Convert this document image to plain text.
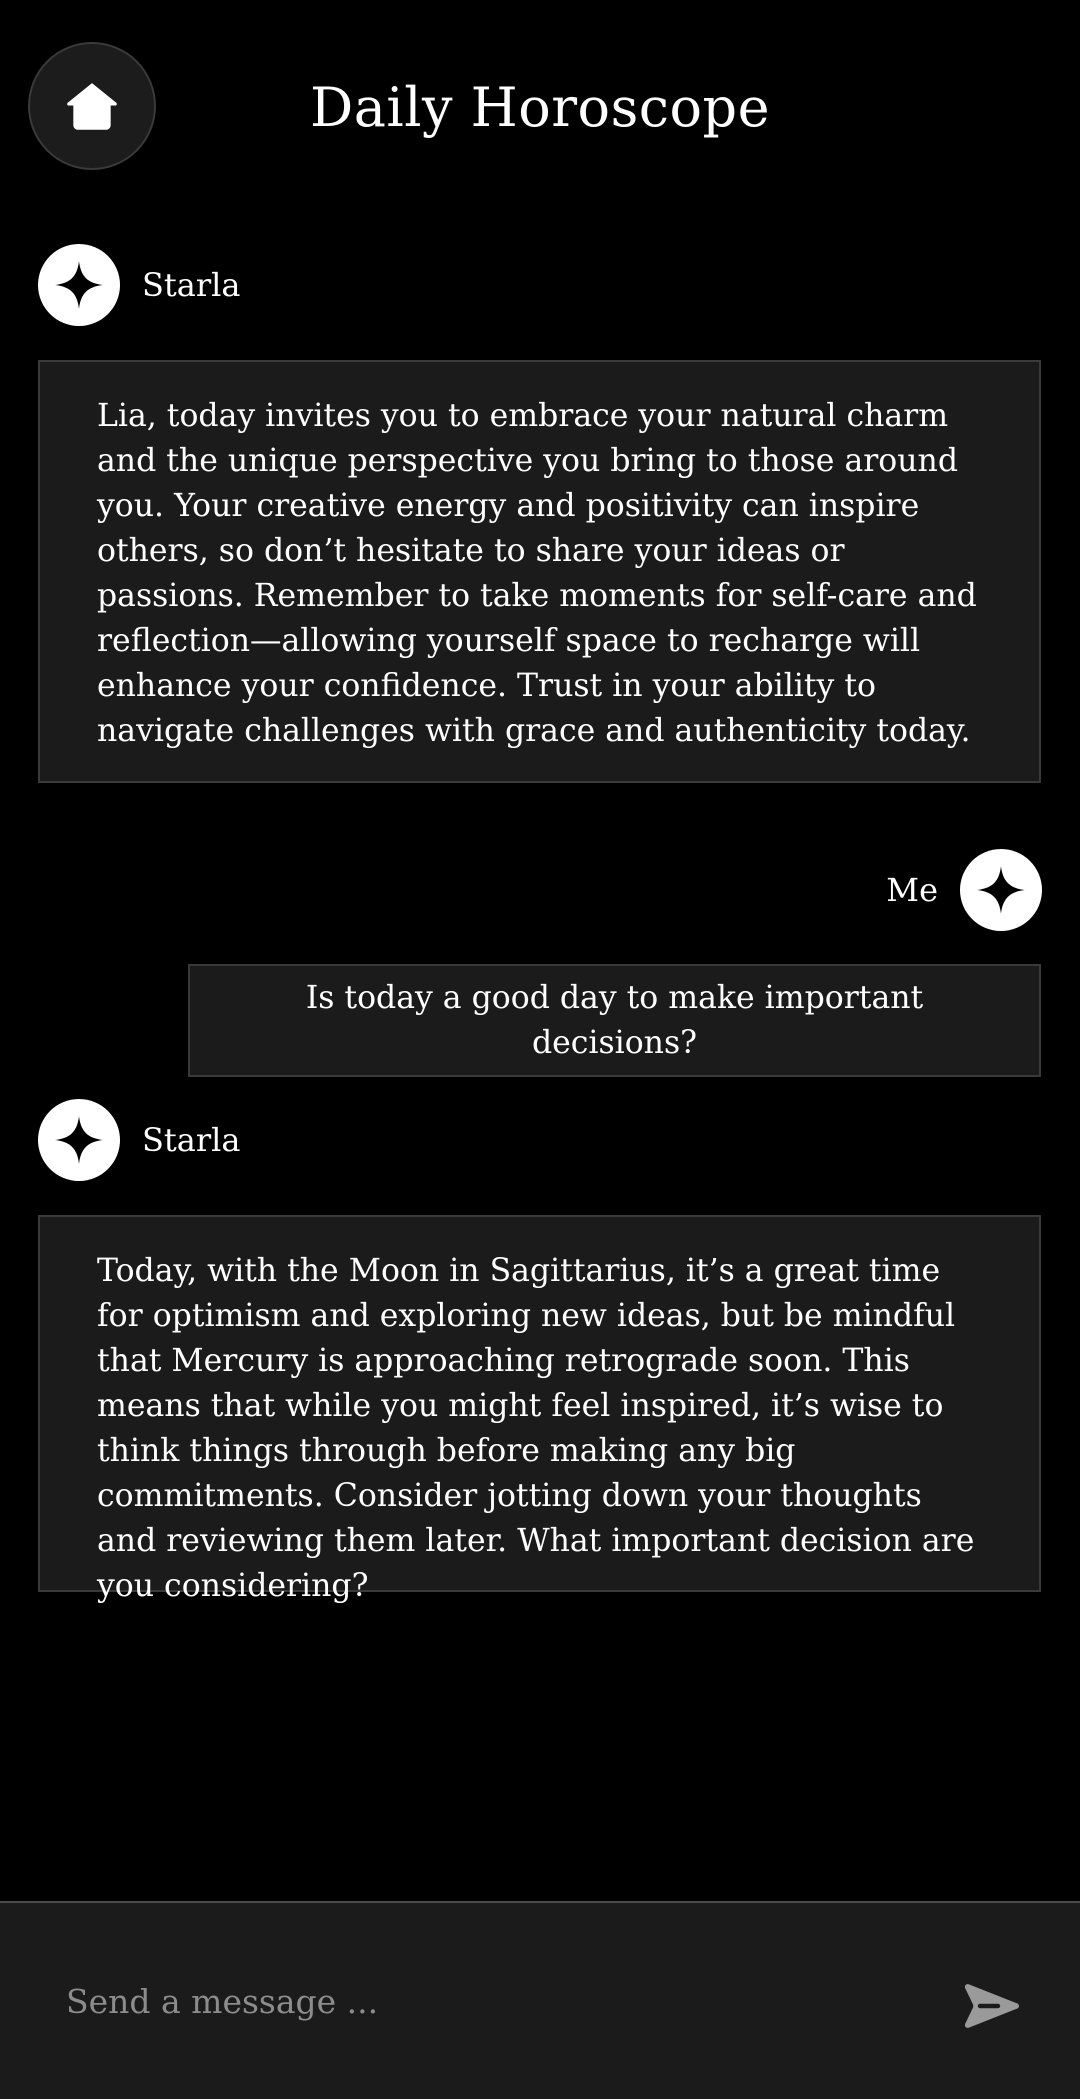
Daily Horoscope
Starla
Lia, today invites you to embrace your natural charm and the unique perspective you bring to those around you. Your creative energy and positivity can inspire others, so don’t hesitate to share your ideas or passions. Remember to take moments for self-care and reflection—allowing yourself space to recharge will enhance your confidence. Trust in your ability to navigate challenges with grace and authenticity today.
Me
Is today a good day to make important decisions?
Starla
Today, with the Moon in Sagittarius, it’s a great time for optimism and exploring new ideas, but be mindful that Mercury is approaching retrograde soon. This means that while you might feel inspired, it’s wise to think things through before making any big commitments. Consider jotting down your thoughts and reviewing them later. What important decision are you considering?
Send a message ...
